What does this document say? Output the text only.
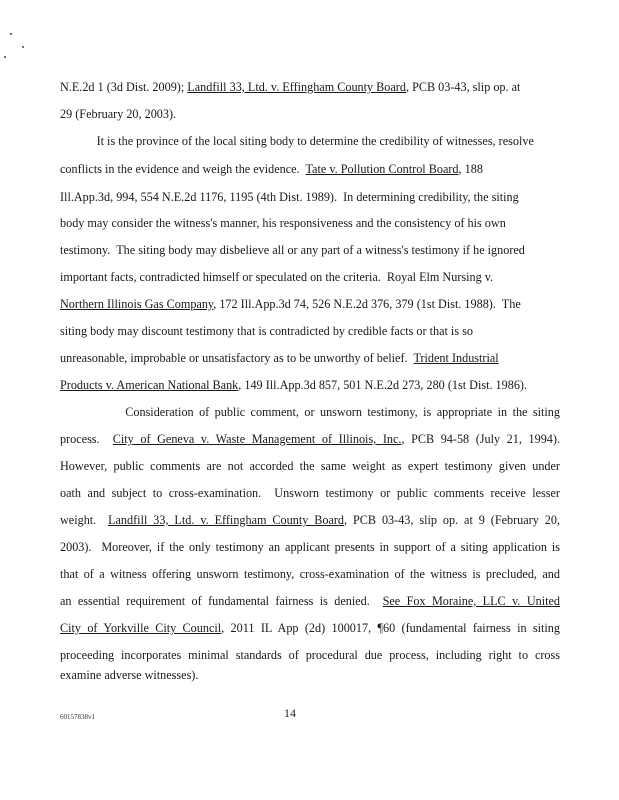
N.E.2d 1 (3d Dist. 2009); Landfill 33, Ltd. v. Effingham County Board, PCB 03-43, slip op. at
29 (February 20, 2003).
It is the province of the local siting body to determine the credibility of witnesses, resolve
conflicts in the evidence and weigh the evidence.  Tate v. Pollution Control Board, 188
Ill.App.3d, 994, 554 N.E.2d 1176, 1195 (4th Dist. 1989).  In determining credibility, the siting
body may consider the witness's manner, his responsiveness and the consistency of his own
testimony.  The siting body may disbelieve all or any part of a witness's testimony if he ignored
important facts, contradicted himself or speculated on the criteria.  Royal Elm Nursing v.
Northern Illinois Gas Company, 172 Ill.App.3d 74, 526 N.E.2d 376, 379 (1st Dist. 1988).  The
siting body may discount testimony that is contradicted by credible facts or that is so
unreasonable, improbable or unsatisfactory as to be unworthy of belief.  Trident Industrial
Products v. American National Bank, 149 Ill.App.3d 857, 501 N.E.2d 273, 280 (1st Dist. 1986).
Consideration of public comment, or unsworn testimony, is appropriate in the siting
process.  City of Geneva v. Waste Management of Illinois, Inc., PCB 94-58 (July 21, 1994).
However, public comments are not accorded the same weight as expert testimony given under
oath and subject to cross-examination.  Unsworn testimony or public comments receive lesser
weight.  Landfill 33, Ltd. v. Effingham County Board, PCB 03-43, slip op. at 9 (February 20,
2003).  Moreover, if the only testimony an applicant presents in support of a siting application is
that of a witness offering unsworn testimony, cross-examination of the witness is precluded, and
an essential requirement of fundamental fairness is denied.  See Fox Moraine, LLC v. United
City of Yorkville City Council, 2011 IL App (2d) 100017, ¶60 (fundamental fairness in siting
proceeding incorporates minimal standards of procedural due process, including right to cross
examine adverse witnesses).
14
60157838v1
